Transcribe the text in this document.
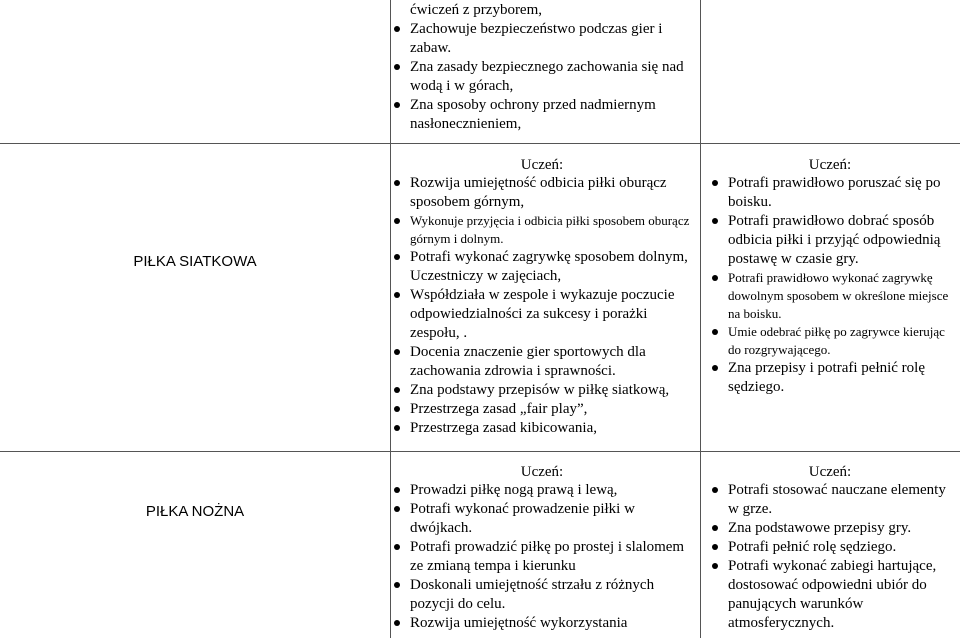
ćwiczeń z przyborem,
Zachowuje bezpieczeństwo podczas gier i zabaw.
Zna zasady bezpiecznego zachowania się nad wodą i w górach,
Zna sposoby ochrony przed nadmiernym nasłonecznieniem,
PIŁKA SIATKOWA
Uczeń:
Rozwija umiejętność odbicia piłki oburącz sposobem górnym,
Wykonuje przyjęcia i odbicia piłki sposobem oburącz górnym i dolnym.
Potrafi wykonać zagrywkę sposobem dolnym, Uczestniczy w zajęciach,
Współdziała w zespole i wykazuje poczucie odpowiedzialności za sukcesy i porażki zespołu, .
Docenia znaczenie gier sportowych dla zachowania zdrowia i sprawności.
Zna podstawy przepisów w piłkę siatkową,
Przestrzega zasad „fair play”,
Przestrzega zasad kibicowania,
Uczeń:
Potrafi prawidłowo poruszać się po boisku.
Potrafi prawidłowo dobrać sposób odbicia piłki i przyjąć odpowiednią postawę w czasie gry.
Potrafi prawidłowo wykonać zagrywkę dowolnym sposobem w określone miejsce na boisku.
Umie odebrać piłkę po zagrywce kierując do rozgrywającego.
Zna przepisy i potrafi pełnić rolę sędziego.
PIŁKA NOŻNA
Uczeń:
Prowadzi piłkę nogą prawą i lewą,
Potrafi wykonać prowadzenie piłki w dwójkach.
Potrafi prowadzić piłkę po prostej i slalomem ze zmianą tempa i kierunku
Doskonali umiejętność strzału z różnych pozycji do celu.
Rozwija umiejętność wykorzystania
Uczeń:
Potrafi stosować nauczane elementy w grze.
Zna podstawowe przepisy gry.
Potrafi pełnić rolę sędziego.
Potrafi wykonać zabiegi hartujące, dostosować odpowiedni ubiór do panujących warunków atmosferycznych.
